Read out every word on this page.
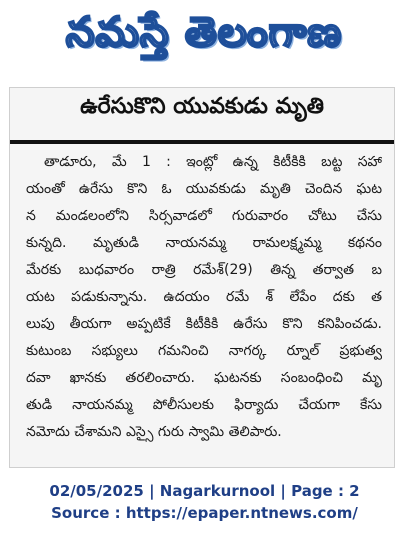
నమస్తే తెలంగాణ
ఉరేసుకొని యువకుడు మృతి
తాడూరు, మే 1 : ఇంట్లో ఉన్న కిటీకికి బట్ట సహా
యంతో ఉరేసు కొని ఓ యువకుడు మృతి చెందిన ఘట
న మండలంలోని సిర్సవాడలో గురువారం చోటు చేసు
కున్నది. మృతుడి నాయనమ్మ రామలక్ష్మమ్మ కథనం
మేరకు బుధవారం రాత్రి రమేశ్(29) తిన్న తర్వాత బ
యట పడుకున్నాను. ఉదయం రమే శ్ లేపేం దకు త
లుపు తీయగా అప్పటికే కిటీకికి ఉరేసు కొని కనిపించడు.
కుటుంబ సభ్యులు గమనించి నాగర్క ర్నూల్ ప్రభుత్వ
దవా ఖానకు తరలించారు. ఘటనకు సంబంధించి మృ
తుడి నాయనమ్మ పోలీసులకు ఫిర్యాదు చేయగా కేసు
నమోదు చేశామని ఎస్సై గురు స్వామి తెలిపారు.
02/05/2025 | Nagarkurnool | Page : 2
Source : https://epaper.ntnews.com/
